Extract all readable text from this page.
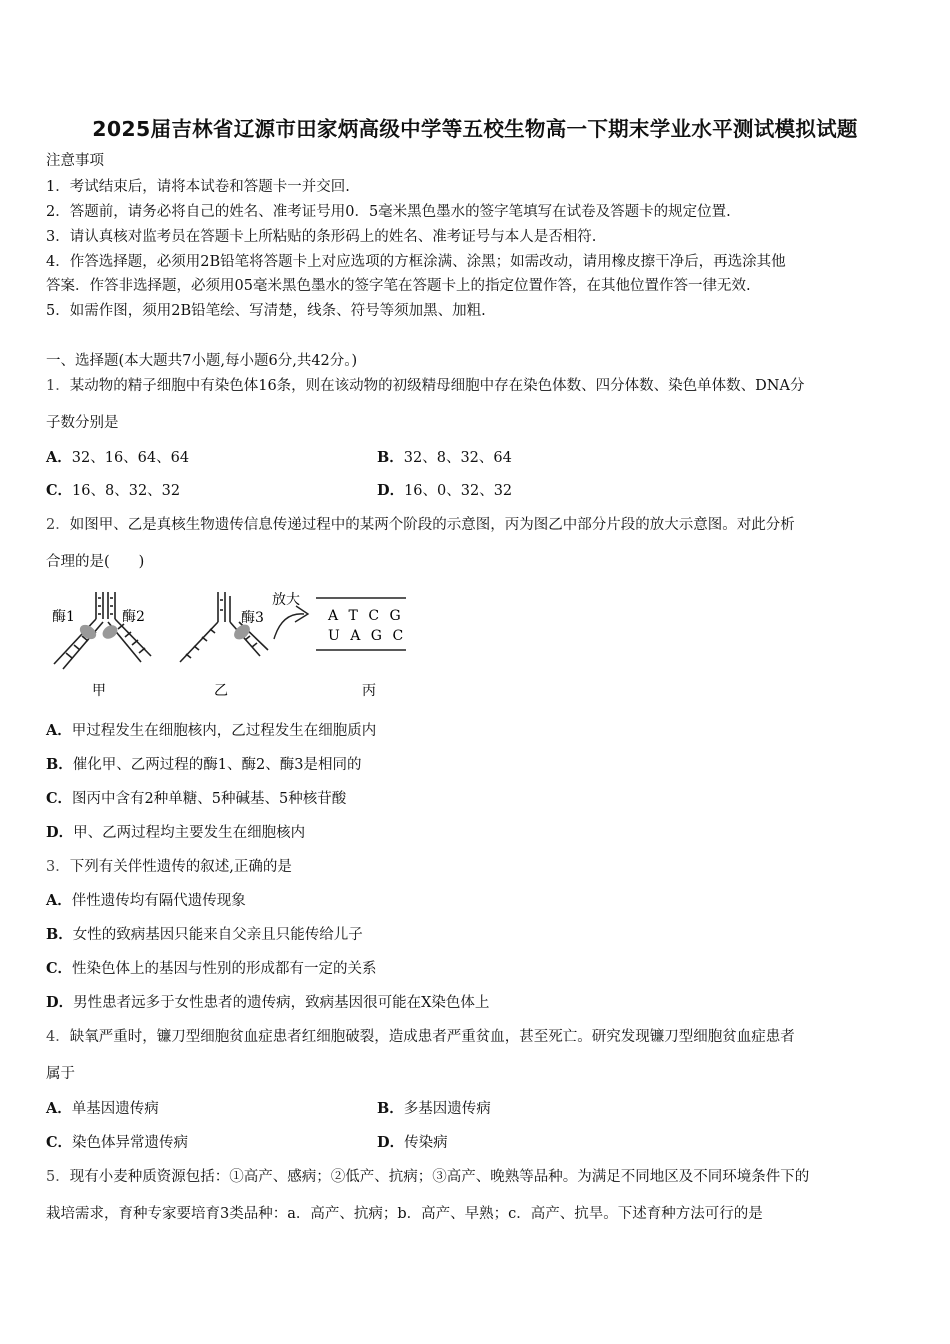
2025届吉林省辽源市田家炳高级中学等五校生物高一下期末学业水平测试模拟试题
注意事项
1．考试结束后，请将本试卷和答题卡一并交回.
2．答题前，请务必将自己的姓名、准考证号用0．5毫米黑色墨水的签字笔填写在试卷及答题卡的规定位置.
3．请认真核对监考员在答题卡上所粘贴的条形码上的姓名、准考证号与本人是否相符.
4．作答选择题，必须用2B铅笔将答题卡上对应选项的方框涂满、涂黑；如需改动，请用橡皮擦干净后，再选涂其他
答案．作答非选择题，必须用05毫米黑色墨水的签字笔在答题卡上的指定位置作答，在其他位置作答一律无效.
5．如需作图，须用2B铅笔绘、写清楚，线条、符号等须加黑、加粗.
一、选择题(本大题共7小题,每小题6分,共42分。)
1．某动物的精子细胞中有染色体16条，则在该动物的初级精母细胞中存在染色体数、四分体数、染色单体数、DNA分
子数分别是
A．32、16、64、64	B．32、8、32、64
C．16、8、32、32	D．16、0、32、32
2．如图甲、乙是真核生物遗传信息传递过程中的某两个阶段的示意图，丙为图乙中部分片段的放大示意图。对此分析
合理的是(　　)
酶1	酶2	酶3
放大
A T C G
U A G C
甲	乙	丙
A．甲过程发生在细胞核内，乙过程发生在细胞质内
B．催化甲、乙两过程的酶1、酶2、酶3是相同的
C．图丙中含有2种单糖、5种碱基、5种核苷酸
D．甲、乙两过程均主要发生在细胞核内
3．下列有关伴性遗传的叙述,正确的是
A．伴性遗传均有隔代遗传现象
B．女性的致病基因只能来自父亲且只能传给儿子
C．性染色体上的基因与性别的形成都有一定的关系
D．男性患者远多于女性患者的遗传病，致病基因很可能在X染色体上
4．缺氧严重时，镰刀型细胞贫血症患者红细胞破裂，造成患者严重贫血，甚至死亡。研究发现镰刀型细胞贫血症患者
属于
A．单基因遗传病	B．多基因遗传病
C．染色体异常遗传病	D．传染病
5．现有小麦种质资源包括：①高产、感病；②低产、抗病；③高产、晚熟等品种。为满足不同地区及不同环境条件下的
栽培需求，育种专家要培育3类品种：a．高产、抗病；b．高产、早熟；c．高产、抗旱。下述育种方法可行的是
